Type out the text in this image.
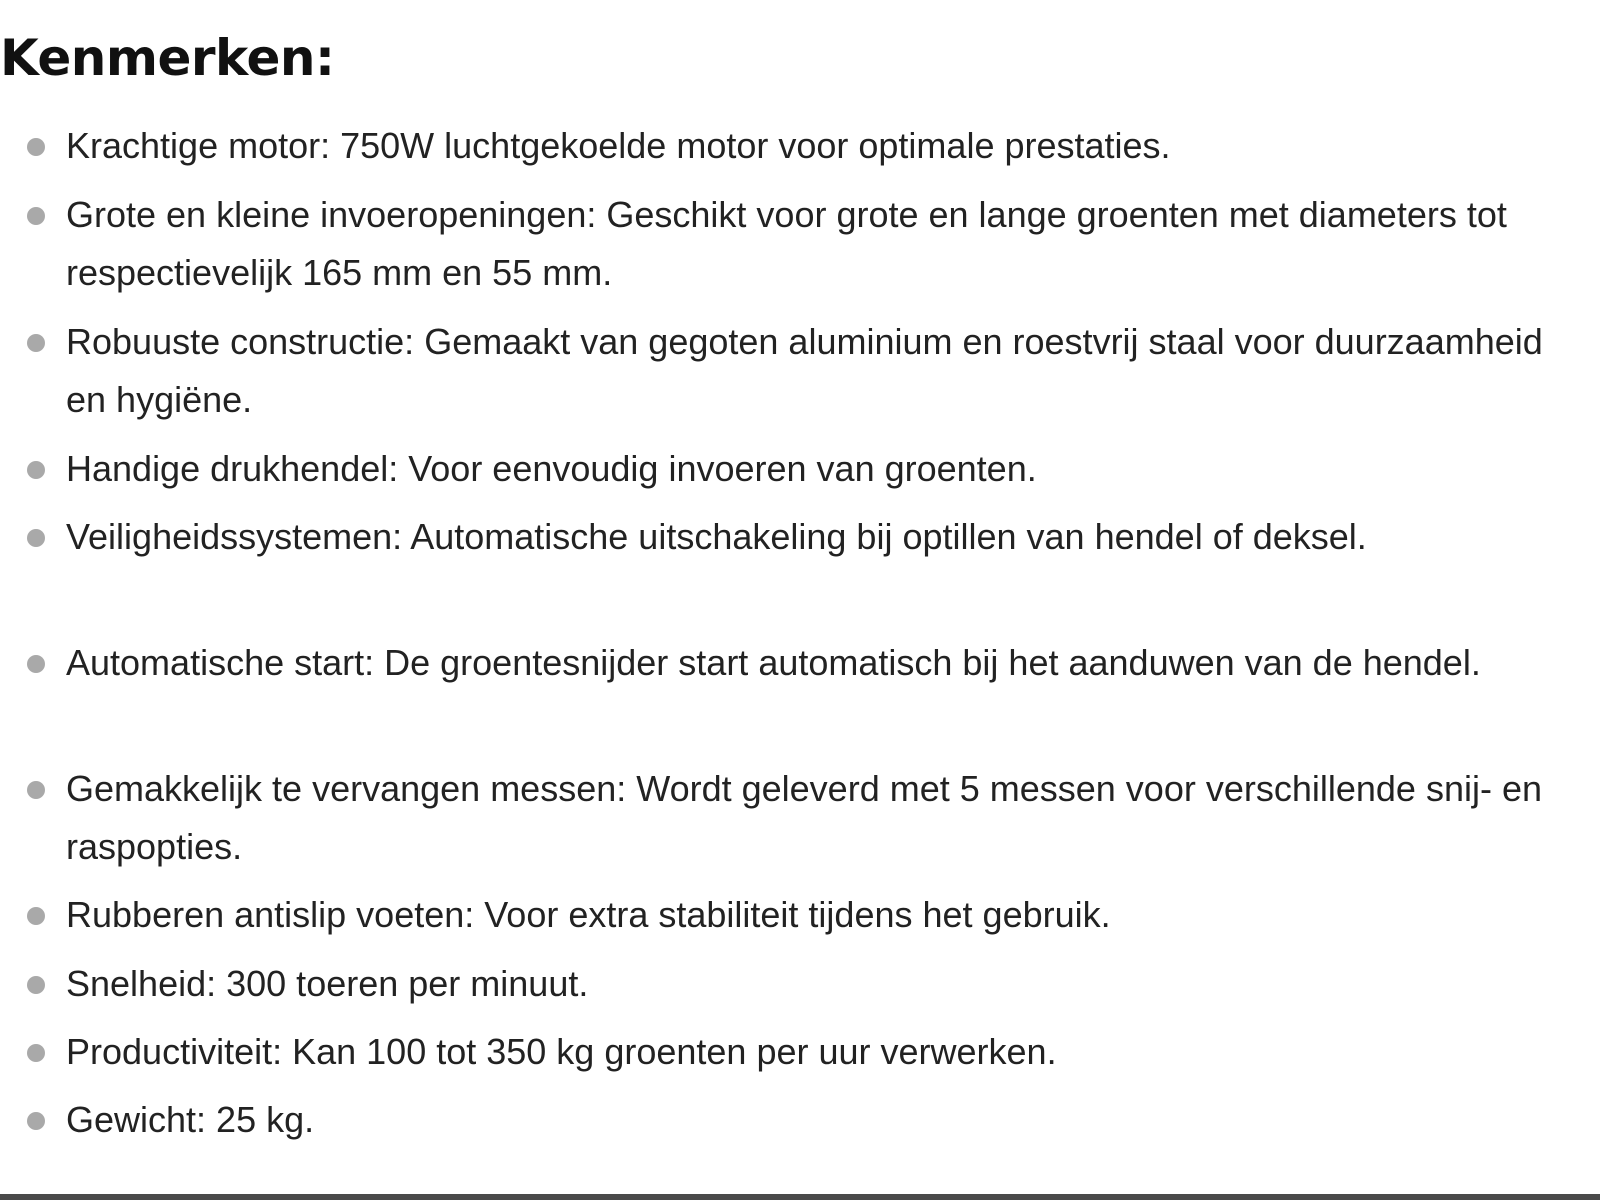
Kenmerken:
Krachtige motor: 750W luchtgekoelde motor voor optimale prestaties.
Grote en kleine invoeropeningen: Geschikt voor grote en lange groenten met diameters tot respectievelijk 165 mm en 55 mm.
Robuuste constructie: Gemaakt van gegoten aluminium en roestvrij staal voor duurzaamheid en hygiëne.
Handige drukhendel: Voor eenvoudig invoeren van groenten.
Veiligheidssystemen: Automatische uitschakeling bij optillen van hendel of deksel.
Automatische start: De groentesnijder start automatisch bij het aanduwen van de hendel.
Gemakkelijk te vervangen messen: Wordt geleverd met 5 messen voor verschillende snij- en raspopties.
Rubberen antislip voeten: Voor extra stabiliteit tijdens het gebruik.
Snelheid: 300 toeren per minuut.
Productiviteit: Kan 100 tot 350 kg groenten per uur verwerken.
Gewicht: 25 kg.
